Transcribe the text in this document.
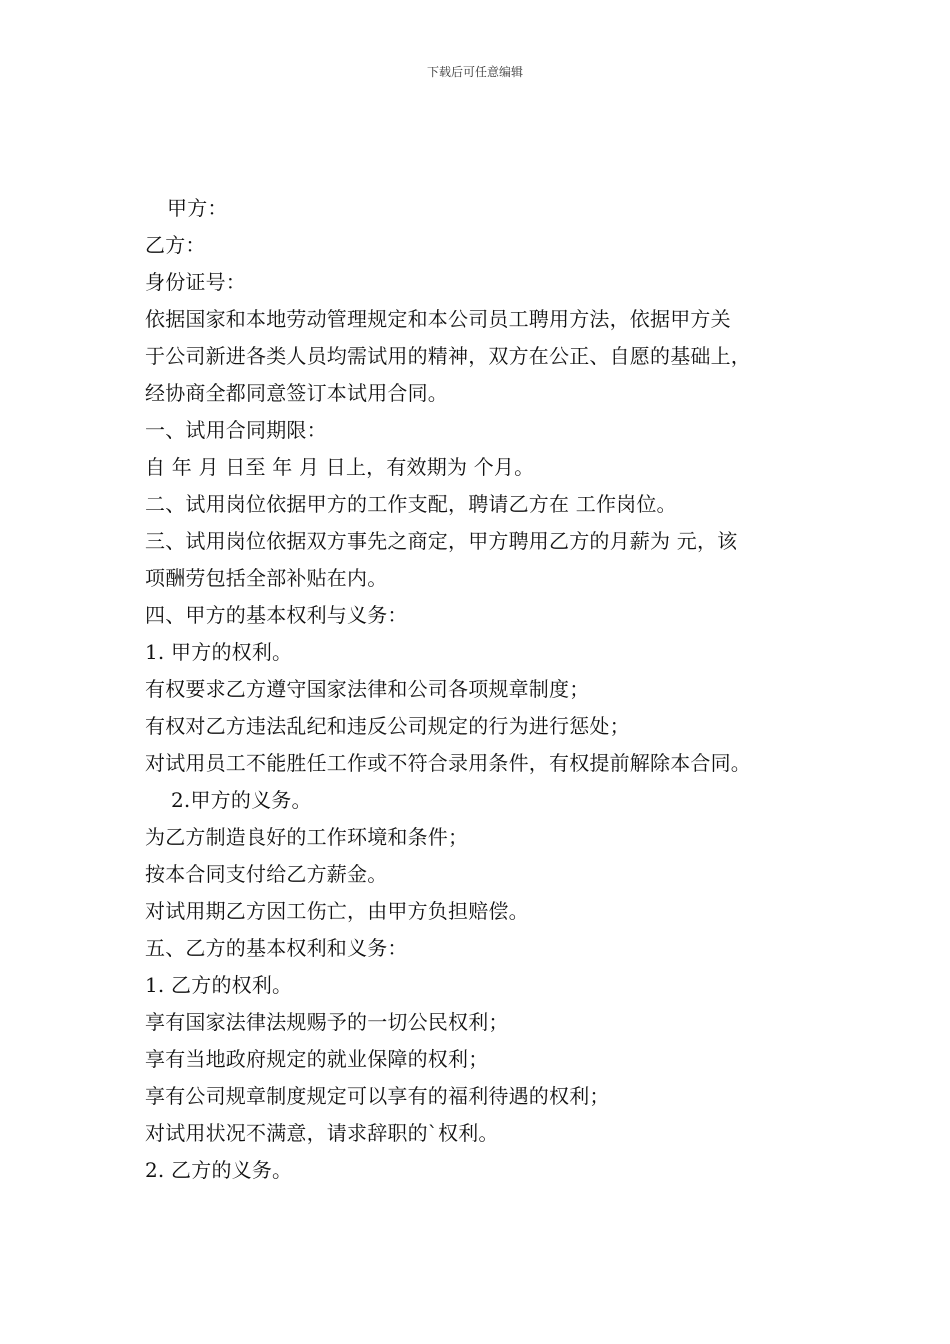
下载后可任意编辑
甲方：
乙方：
身份证号：
依据国家和本地劳动管理规定和本公司员工聘用方法，依据甲方关
于公司新进各类人员均需试用的精神，双方在公正、自愿的基础上，
经协商全都同意签订本试用合同。
一、试用合同期限：
自 年 月 日至 年 月 日上，有效期为 个月。
二、试用岗位依据甲方的工作支配，聘请乙方在 工作岗位。
三、试用岗位依据双方事先之商定，甲方聘用乙方的月薪为 元，该
项酬劳包括全部补贴在内。
四、甲方的基本权利与义务：
1. 甲方的权利。
有权要求乙方遵守国家法律和公司各项规章制度；
有权对乙方违法乱纪和违反公司规定的行为进行惩处；
对试用员工不能胜任工作或不符合录用条件，有权提前解除本合同。
2.甲方的义务。
为乙方制造良好的工作环境和条件；
按本合同支付给乙方薪金。
对试用期乙方因工伤亡，由甲方负担赔偿。
五、乙方的基本权利和义务：
1. 乙方的权利。
享有国家法律法规赐予的一切公民权利；
享有当地政府规定的就业保障的权利；
享有公司规章制度规定可以享有的福利待遇的权利；
对试用状况不满意，请求辞职的`权利。
2. 乙方的义务。
